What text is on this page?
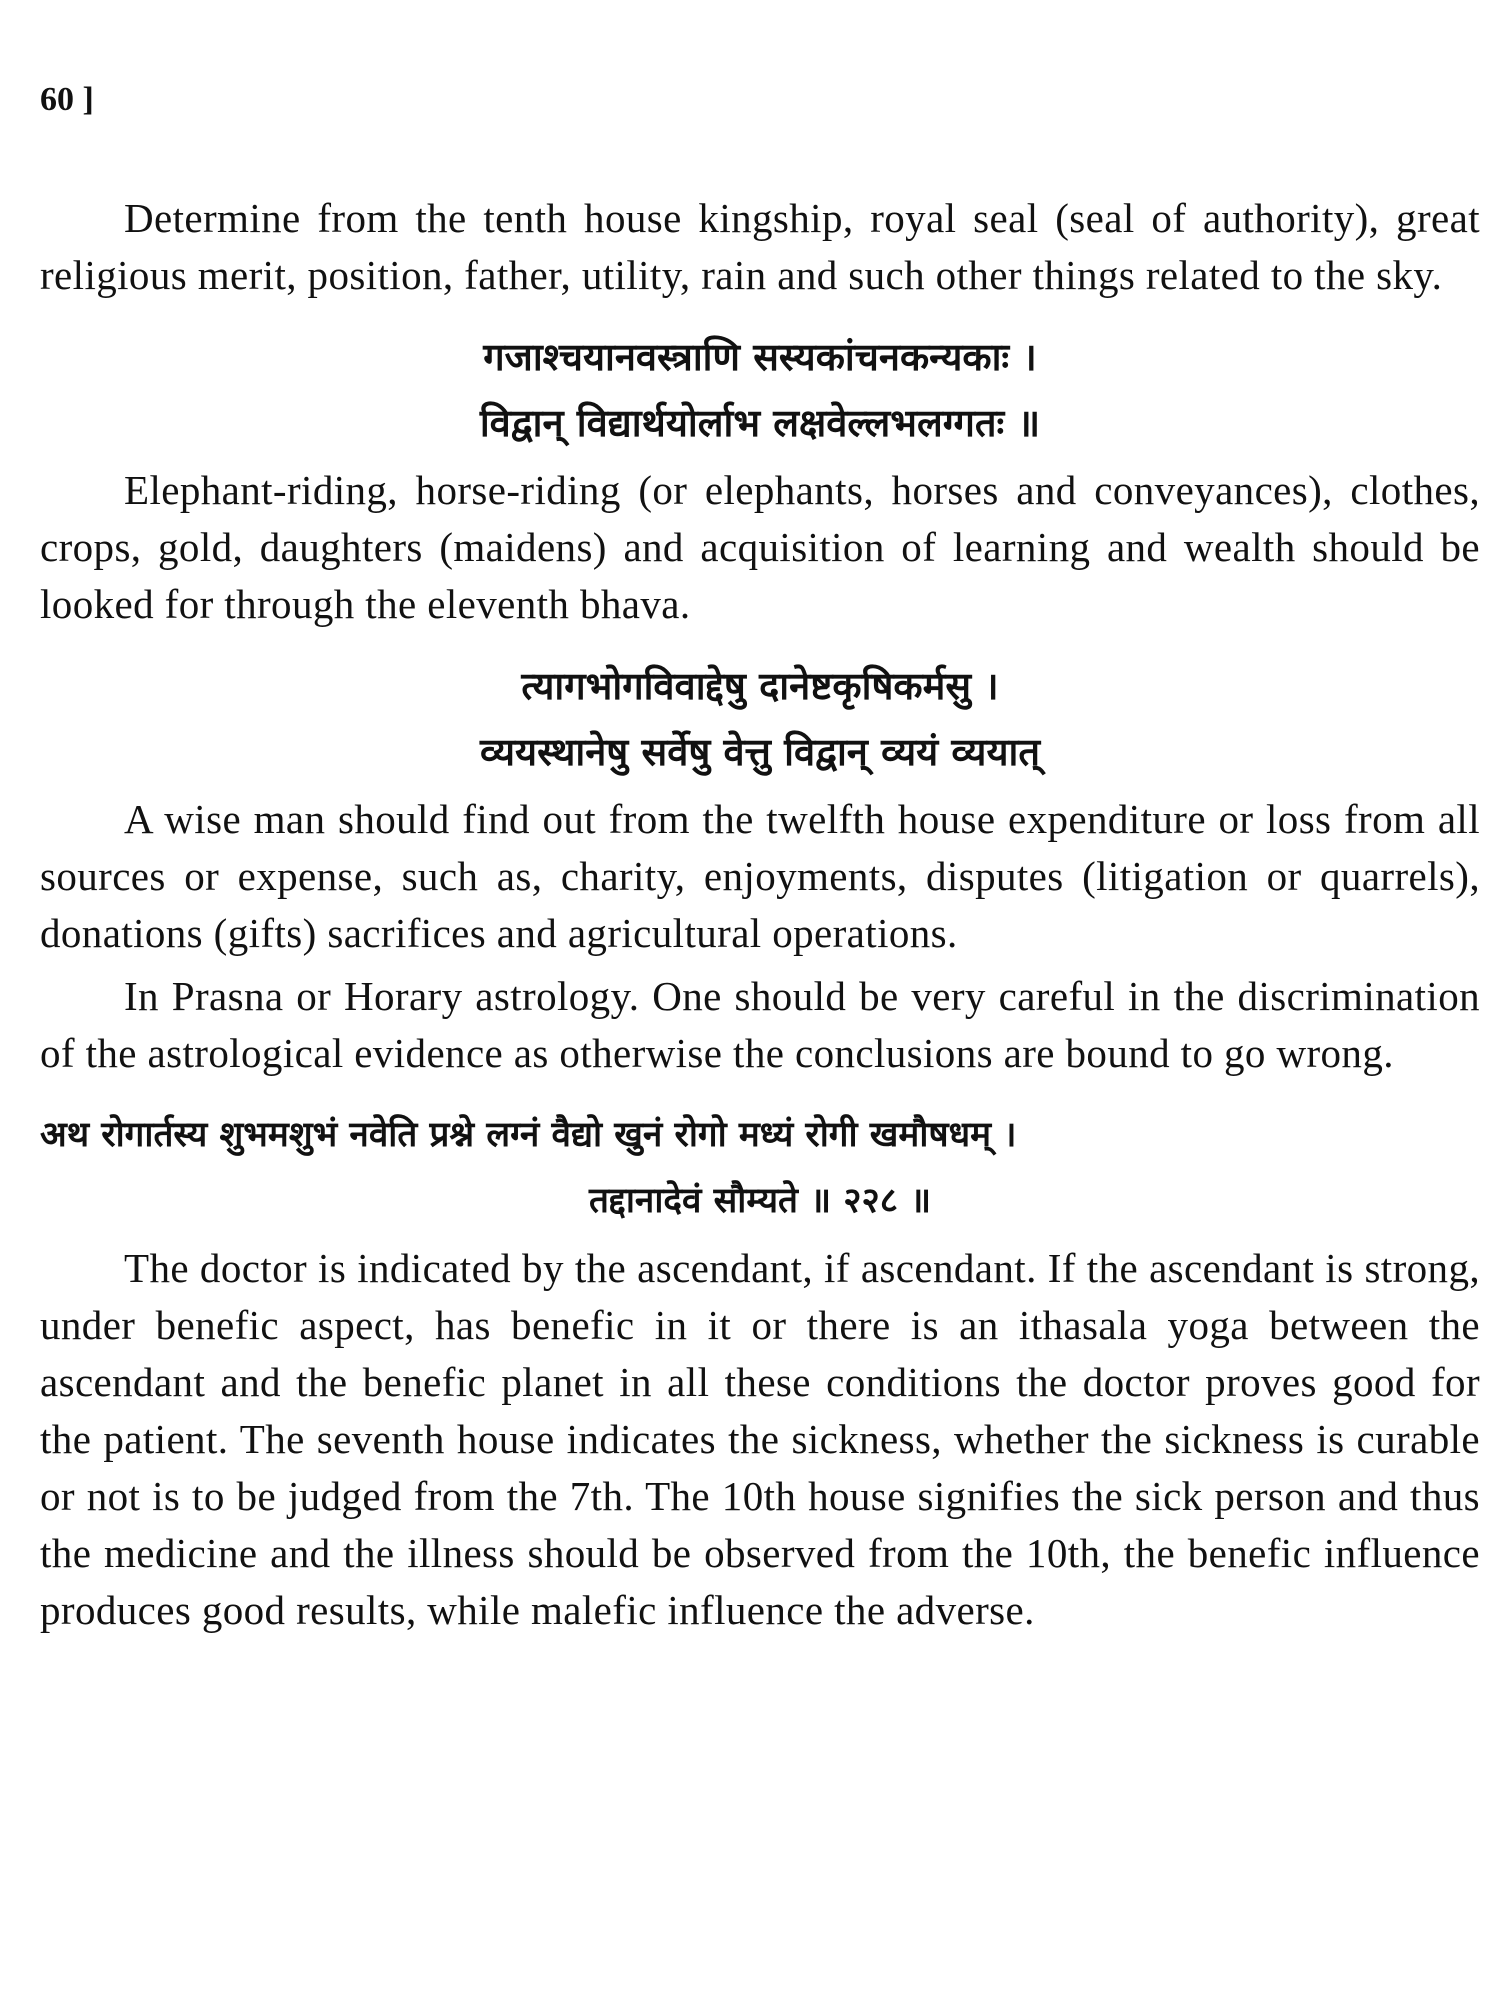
60 ]

Determine from the tenth house kingship, royal seal (seal of authority), great religious merit, position, father, utility, rain and such other things related to the sky.

गजाश्चयानवस्त्राणि सस्यकांचनकन्यकाः ।

विद्वान् विद्यार्थयोर्लाभ लक्षवेल्लभलग्गतः ॥

Elephant-riding, horse-riding (or elephants, horses and conveyances), clothes, crops, gold, daughters (maidens) and acquisition of learning and wealth should be looked for through the eleventh bhava.

त्यागभोगविवाद्देषु दानेष्टकृषिकर्मसु ।

व्ययस्थानेषु सर्वेषु वेत्तु विद्वान् व्ययं व्ययात्

A wise man should find out from the twelfth house expenditure or loss from all sources or expense, such as, charity, enjoyments, disputes (litigation or quarrels), donations (gifts) sacrifices and agricultural operations.

In Prasna or Horary astrology. One should be very careful in the discrimination of the astrological evidence as otherwise the conclusions are bound to go wrong.

अथ रोगार्तस्य शुभमशुभं नवेति प्रश्ने लग्नं वैद्यो खुनं रोगो मध्यं रोगी खमौषधम् ।

तद्दानादेवं सौम्यते ॥ २२८ ॥

The doctor is indicated by the ascendant, if ascendant. If the ascendant is strong, under benefic aspect, has benefic in it or there is an ithasala yoga between the ascendant and the benefic planet in all these conditions the doctor proves good for the patient. The seventh house indicates the sickness, whether the sickness is curable or not is to be judged from the 7th. The 10th house signifies the sick person and thus the medicine and the illness should be observed from the 10th, the benefic influence produces good results, while malefic influence the adverse.
